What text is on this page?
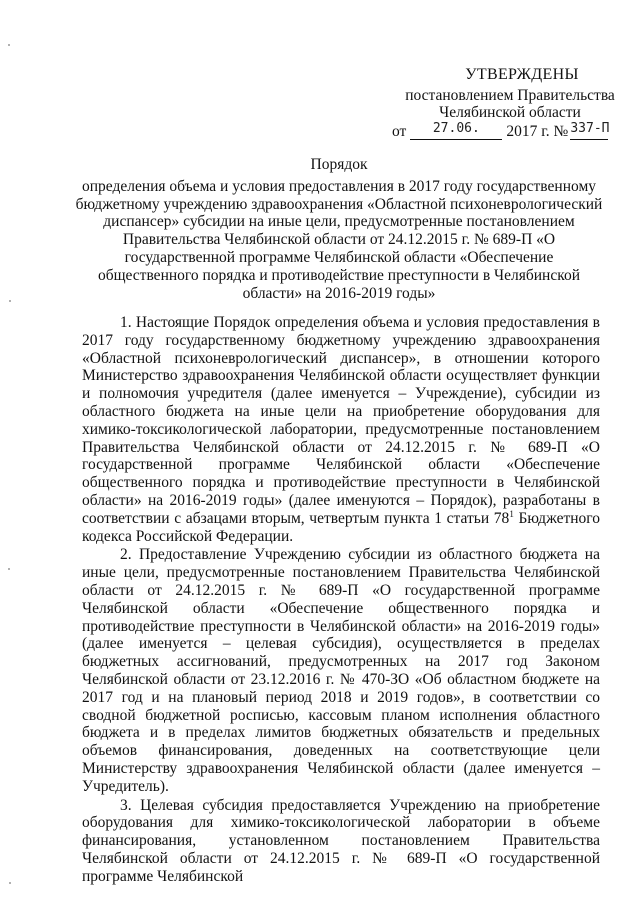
УТВЕРЖДЕНЫ
постановлением Правительства
Челябинской области
от $^{27.06.}$ 2017 г. № $^{337-П}$
Порядок
определения объема и условия предоставления в 2017 году государственному бюджетному учреждению здравоохранения «Областной психоневрологический диспансер» субсидии на иные цели, предусмотренные постановлением Правительства Челябинской области от 24.12.2015 г. № 689-П «О государственной программе Челябинской области «Обеспечение общественного порядка и противодействие преступности в Челябинской области» на 2016-2019 годы»

1. Настоящие Порядок определения объема и условия предоставления в 2017 году государственному бюджетному учреждению здравоохранения «Областной психоневрологический диспансер», в отношении которого Министерство здравоохранения Челябинской области осуществляет функции и полномочия учредителя (далее именуется – Учреждение), субсидии из областного бюджета на иные цели на приобретение оборудования для химико-токсикологической лаборатории, предусмотренные постановлением Правительства Челябинской области от 24.12.2015 г. № 689-П «О государственной программе Челябинской области «Обеспечение общественного порядка и противодействие преступности в Челябинской области» на 2016-2019 годы» (далее именуются – Порядок), разработаны в соответствии с абзацами вторым, четвертым пункта 1 статьи $78^1$ Бюджетного кодекса Российской Федерации.

2. Предоставление Учреждению субсидии из областного бюджета на иные цели, предусмотренные постановлением Правительства Челябинской области от 24.12.2015 г. № 689-П «О государственной программе Челябинской области «Обеспечение общественного порядка и противодействие преступности в Челябинской области» на 2016-2019 годы» (далее именуется – целевая субсидия), осуществляется в пределах бюджетных ассигнований, предусмотренных на 2017 год Законом Челябинской области от 23.12.2016 г. № 470-ЗО «Об областном бюджете на 2017 год и на плановый период 2018 и 2019 годов», в соответствии со сводной бюджетной росписью, кассовым планом исполнения областного бюджета и в пределах лимитов бюджетных обязательств и предельных объемов финансирования, доведенных на соответствующие цели Министерству здравоохранения Челябинской области (далее именуется – Учредитель).

3. Целевая субсидия предоставляется Учреждению на приобретение оборудования для химико-токсикологической лаборатории в объеме финансирования, установленном постановлением Правительства Челябинской области от 24.12.2015 г. № 689-П «О государственной программе Челябинской
